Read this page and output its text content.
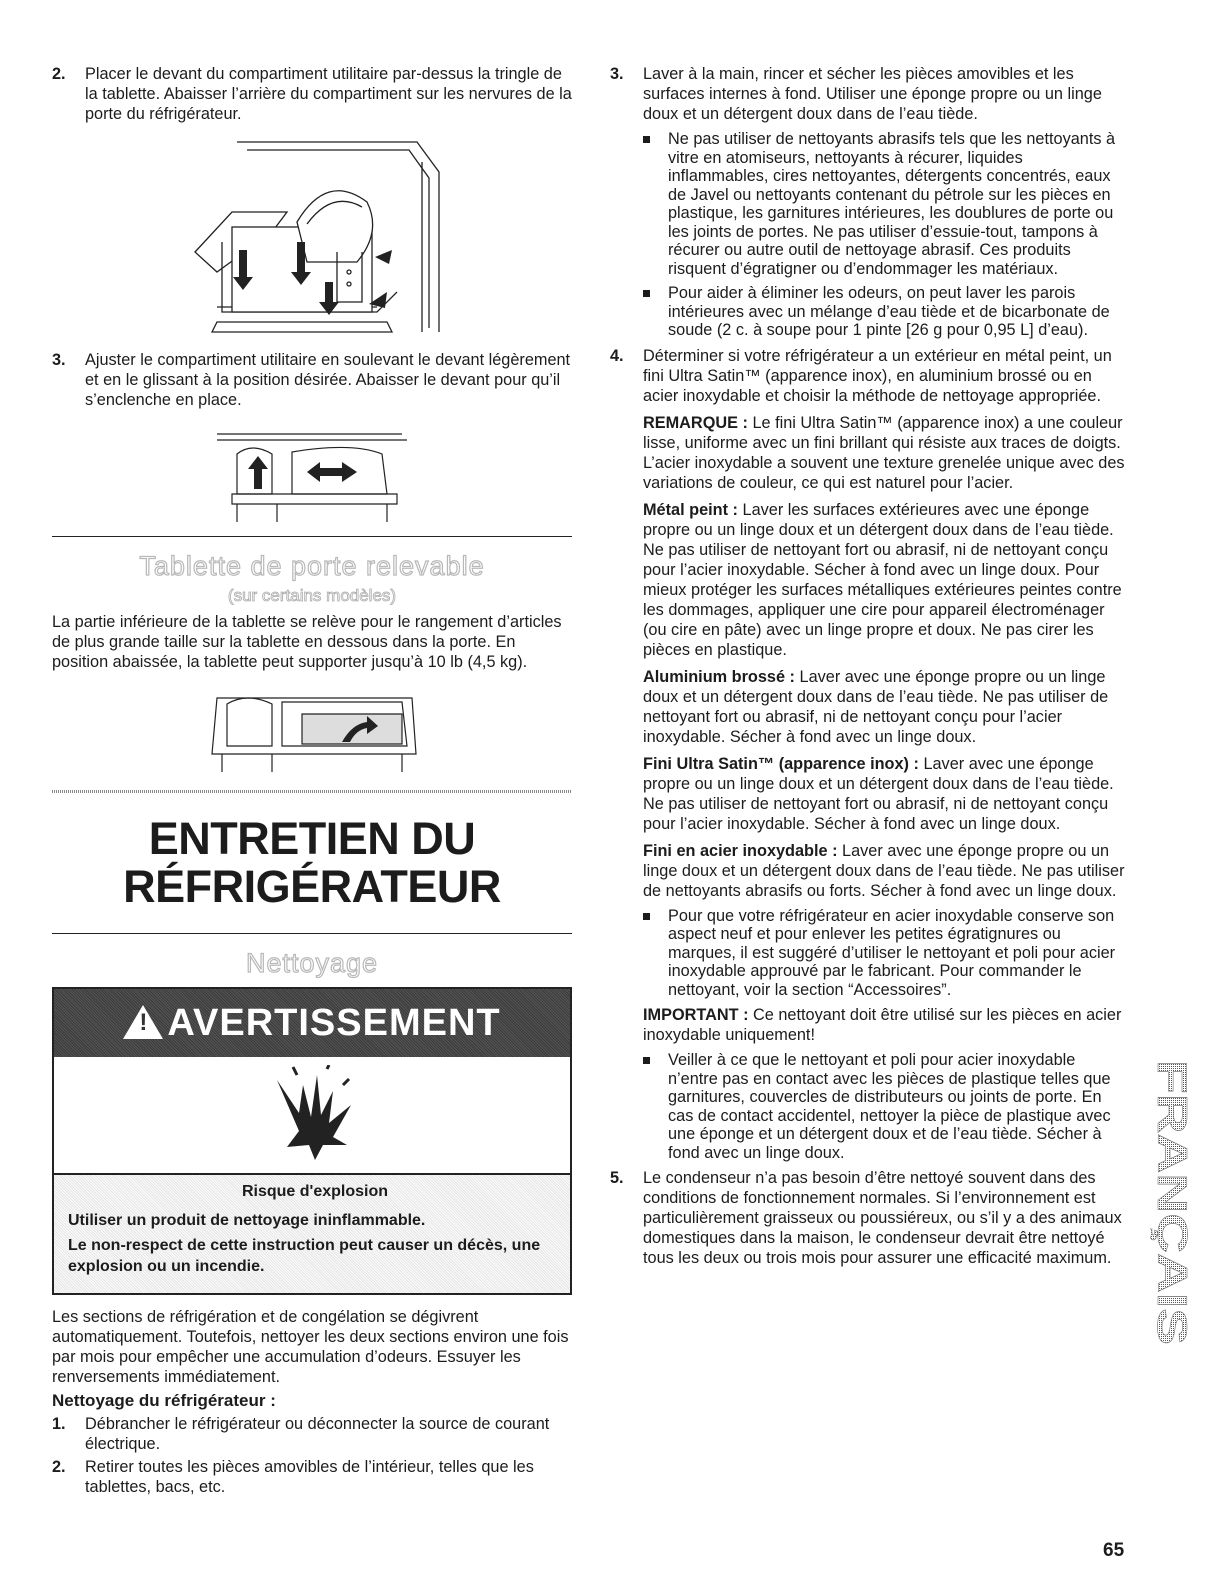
2. Placer le devant du compartiment utilitaire par-dessus la tringle de la tablette. Abaisser l’arrière du compartiment sur les nervures de la porte du réfrigérateur.
3. Ajuster le compartiment utilitaire en soulevant le devant légèrement et en le glissant à la position désirée. Abaisser le devant pour qu’il s’enclenche en place.
Tablette de porte relevable
(sur certains modèles)

La partie inférieure de la tablette se relève pour le rangement d’articles de plus grande taille sur la tablette en dessous dans la porte. En position abaissée, la tablette peut supporter jusqu’à 10 lb (4,5 kg).

ENTRETIEN DU
RÉFRIGÉRATEUR
Nettoyage
!AVERTISSEMENT
Risque d'explosion
Utiliser un produit de nettoyage ininflammable.
Le non-respect de cette instruction peut causer un décès, une explosion ou un incendie.

Les sections de réfrigération et de congélation se dégivrent automatiquement. Toutefois, nettoyer les deux sections environ une fois par mois pour empêcher une accumulation d’odeurs. Essuyer les renversements immédiatement.

Nettoyage du réfrigérateur :

1. Débrancher le réfrigérateur ou déconnecter la source de courant électrique.
2. Retirer toutes les pièces amovibles de l’intérieur, telles que les tablettes, bacs, etc.
3. Laver à la main, rincer et sécher les pièces amovibles et les surfaces internes à fond. Utiliser une éponge propre ou un linge doux et un détergent doux dans de l’eau tiède.
Ne pas utiliser de nettoyants abrasifs tels que les nettoyants à vitre en atomiseurs, nettoyants à récurer, liquides inflammables, cires nettoyantes, détergents concentrés, eaux de Javel ou nettoyants contenant du pétrole sur les pièces en plastique, les garnitures intérieures, les doublures de porte ou les joints de portes. Ne pas utiliser d’essuie-tout, tampons à récurer ou autre outil de nettoyage abrasif. Ces produits risquent d’égratigner ou d’endommager les matériaux.
Pour aider à éliminer les odeurs, on peut laver les parois intérieures avec un mélange d’eau tiède et de bicarbonate de soude (2 c. à soupe pour 1 pinte [26 g pour 0,95 L] d’eau).
4. Déterminer si votre réfrigérateur a un extérieur en métal peint, un fini Ultra Satin™ (apparence inox), en aluminium brossé ou en acier inoxydable et choisir la méthode de nettoyage appropriée.
REMARQUE : Le fini Ultra Satin™ (apparence inox) a une couleur lisse, uniforme avec un fini brillant qui résiste aux traces de doigts. L’acier inoxydable a souvent une texture grenelée unique avec des variations de couleur, ce qui est naturel pour l’acier.
Métal peint : Laver les surfaces extérieures avec une éponge propre ou un linge doux et un détergent doux dans de l’eau tiède. Ne pas utiliser de nettoyant fort ou abrasif, ni de nettoyant conçu pour l’acier inoxydable. Sécher à fond avec un linge doux. Pour mieux protéger les surfaces métalliques extérieures peintes contre les dommages, appliquer une cire pour appareil électroménager (ou cire en pâte) avec un linge propre et doux. Ne pas cirer les pièces en plastique.
Aluminium brossé : Laver avec une éponge propre ou un linge doux et un détergent doux dans de l’eau tiède. Ne pas utiliser de nettoyant fort ou abrasif, ni de nettoyant conçu pour l’acier inoxydable. Sécher à fond avec un linge doux.
Fini Ultra Satin™ (apparence inox) : Laver avec une éponge propre ou un linge doux et un détergent doux dans de l’eau tiède. Ne pas utiliser de nettoyant fort ou abrasif, ni de nettoyant conçu pour l’acier inoxydable. Sécher à fond avec un linge doux.
Fini en acier inoxydable : Laver avec une éponge propre ou un linge doux et un détergent doux dans de l’eau tiède. Ne pas utiliser de nettoyants abrasifs ou forts. Sécher à fond avec un linge doux.
Pour que votre réfrigérateur en acier inoxydable conserve son aspect neuf et pour enlever les petites égratignures ou marques, il est suggéré d’utiliser le nettoyant et poli pour acier inoxydable approuvé par le fabricant. Pour commander le nettoyant, voir la section “Accessoires”.
IMPORTANT : Ce nettoyant doit être utilisé sur les pièces en acier inoxydable uniquement!
Veiller à ce que le nettoyant et poli pour acier inoxydable n’entre pas en contact avec les pièces de plastique telles que garnitures, couvercles de distributeurs ou joints de porte. En cas de contact accidentel, nettoyer la pièce de plastique avec une éponge et un détergent doux et de l’eau tiède. Sécher à fond avec un linge doux.
5. Le condenseur n’a pas besoin d’être nettoyé souvent dans des conditions de fonctionnement normales. Si l’environnement est particulièrement graisseux ou poussiéreux, ou s’il y a des animaux domestiques dans la maison, le condenseur devrait être nettoyé tous les deux ou trois mois pour assurer une efficacité maximum. FRANÇAIS
65
